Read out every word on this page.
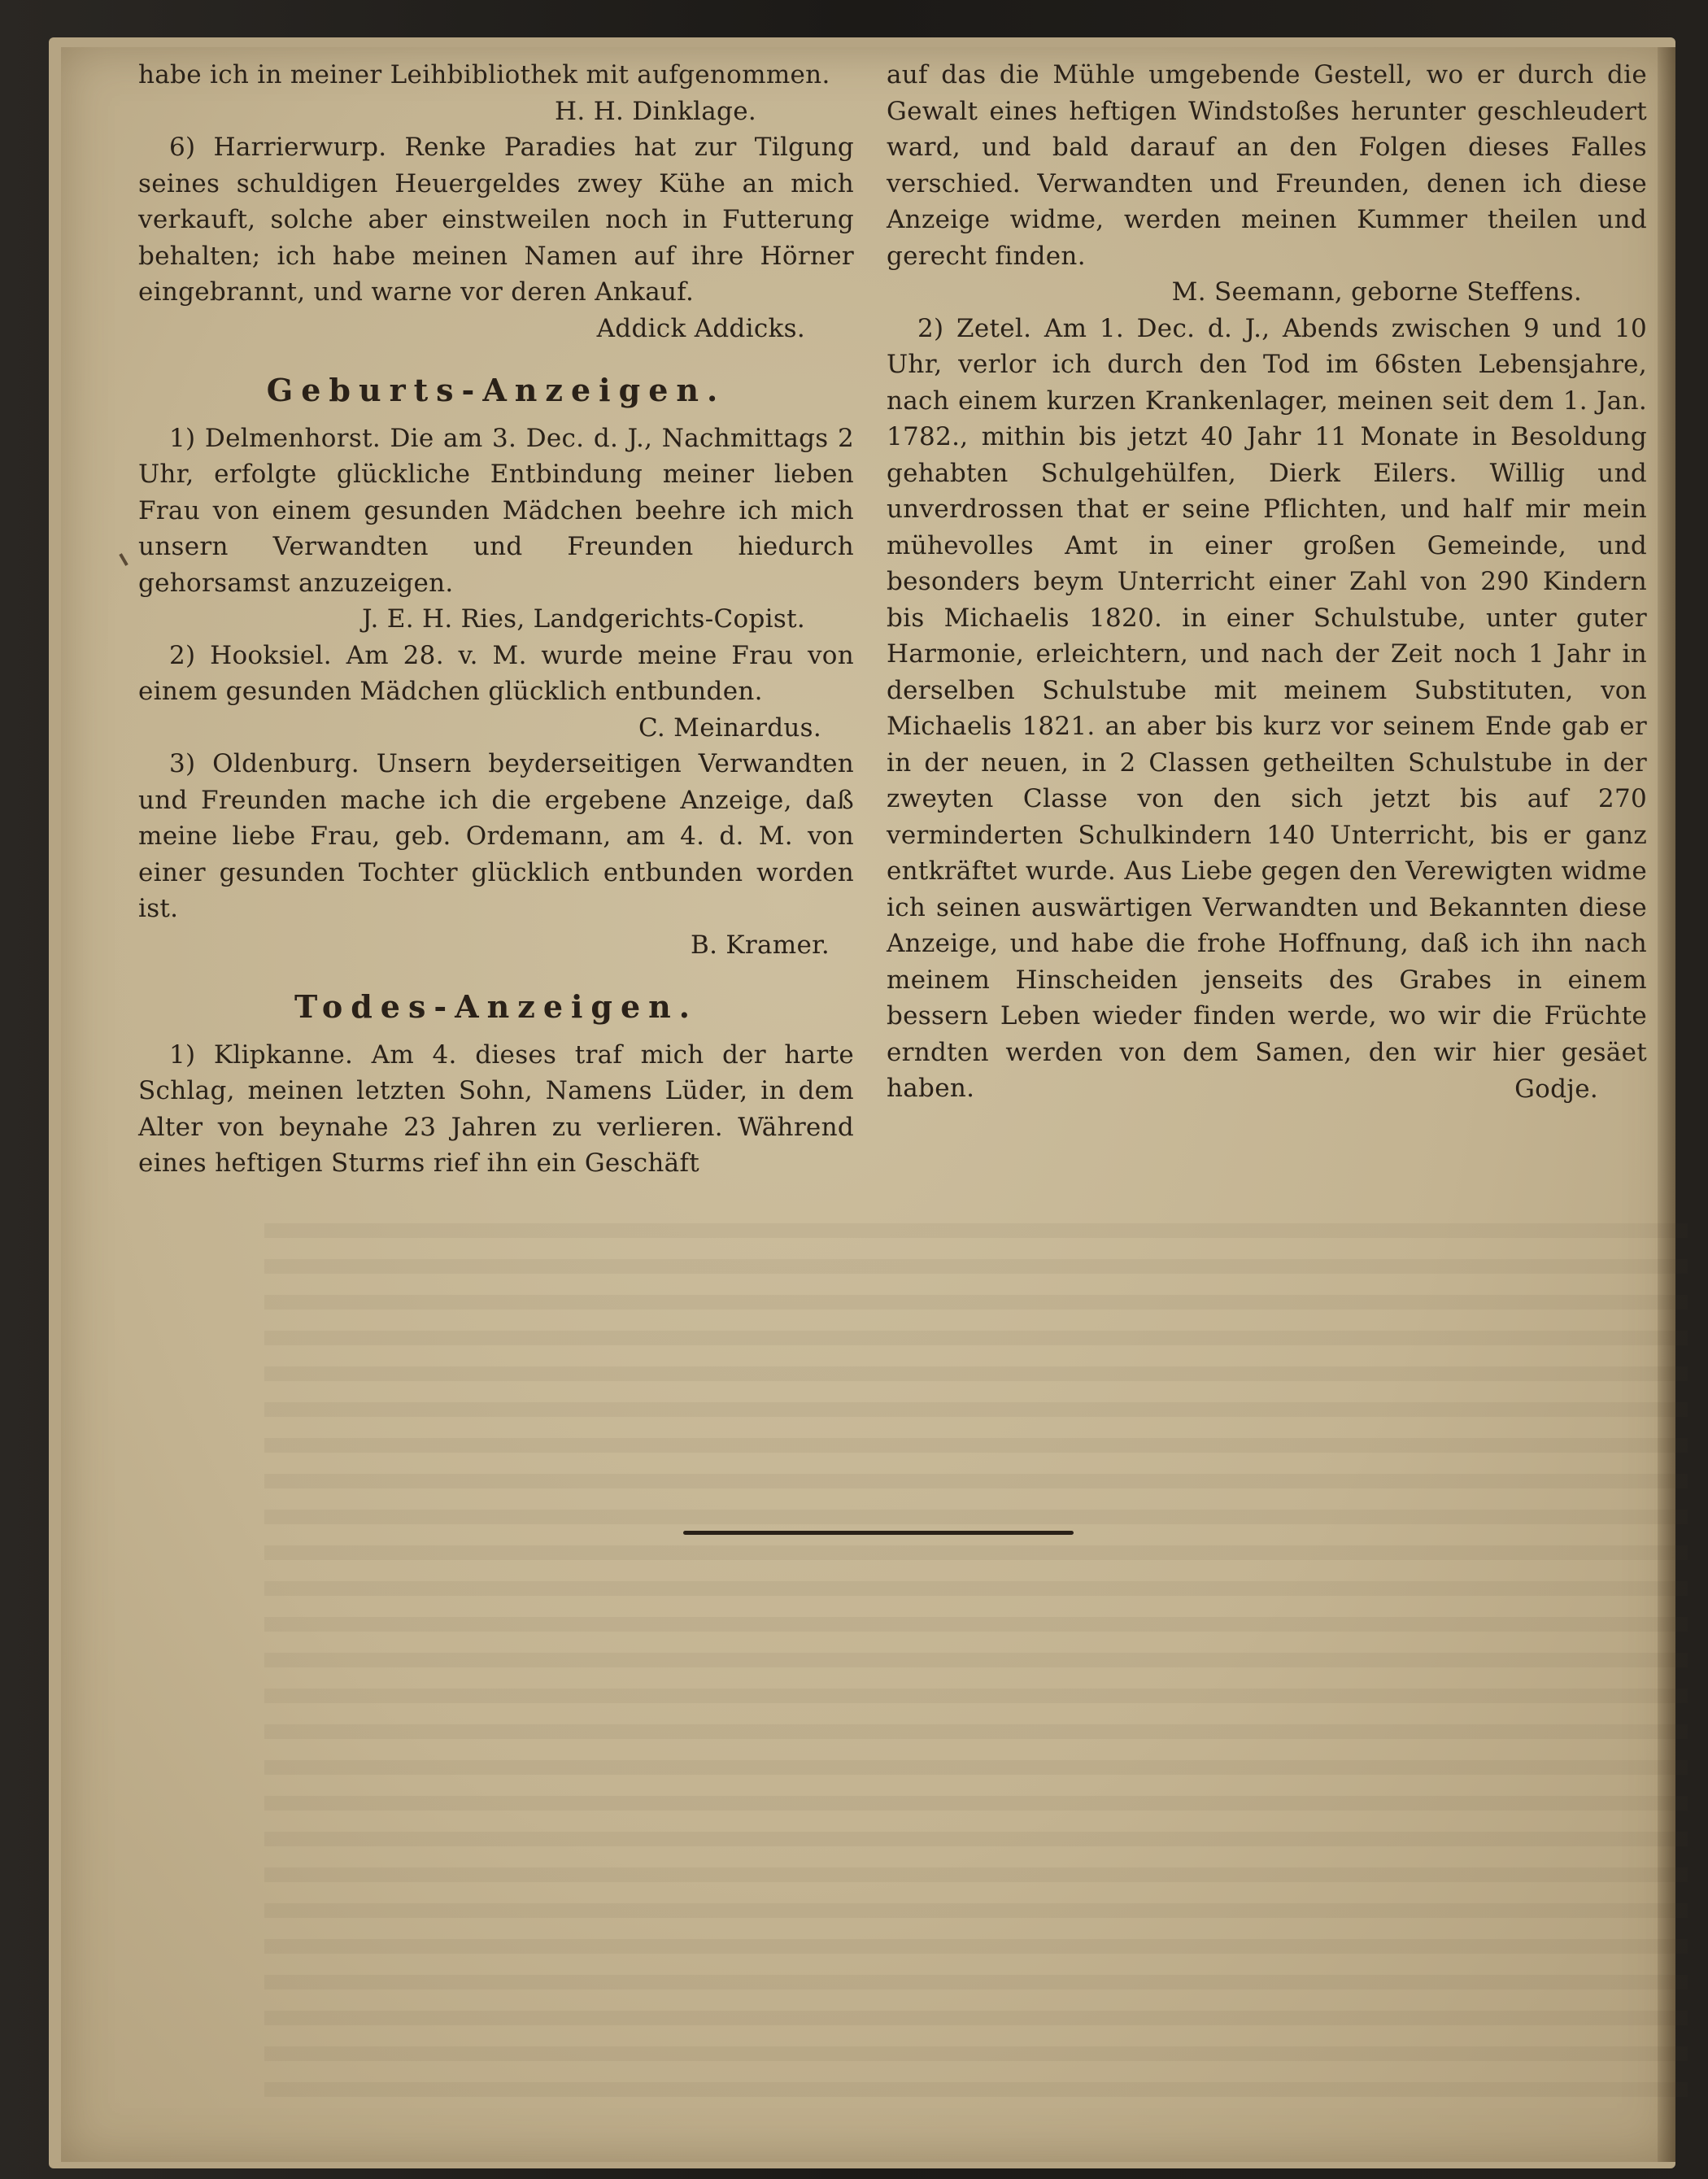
habe ich in meiner Leihbibliothek mit aufgenommen.

H. H. Dinklage.

6) Harrierwurp. Renke Paradies hat zur Tilgung seines schuldigen Heuergeldes zwey Kühe an mich verkauft, solche aber einstweilen noch in Futterung behalten; ich habe meinen Namen auf ihre Hörner eingebrannt, und warne vor deren Ankauf.

Addick Addicks.

Geburts-Anzeigen.

1) Delmenhorst. Die am 3. Dec. d. J., Nachmittags 2 Uhr, erfolgte glückliche Entbindung meiner lieben Frau von einem gesunden Mädchen beehre ich mich unsern Verwandten und Freunden hiedurch gehorsamst anzuzeigen.

J. E. H. Ries, Landgerichts-Copist.

2) Hooksiel. Am 28. v. M. wurde meine Frau von einem gesunden Mädchen glücklich entbunden.

C. Meinardus.

3) Oldenburg. Unsern beyderseitigen Verwandten und Freunden mache ich die ergebene Anzeige, daß meine liebe Frau, geb. Ordemann, am 4. d. M. von einer gesunden Tochter glücklich entbunden worden ist.

B. Kramer.

Todes-Anzeigen.

1) Klipkanne. Am 4. dieses traf mich der harte Schlag, meinen letzten Sohn, Namens Lüder, in dem Alter von beynahe 23 Jahren zu verlieren. Während eines heftigen Sturms rief ihn ein Geschäft

auf das die Mühle umgebende Gestell, wo er durch die Gewalt eines heftigen Windstoßes herunter geschleudert ward, und bald darauf an den Folgen dieses Falles verschied. Verwandten und Freunden, denen ich diese Anzeige widme, werden meinen Kummer theilen und gerecht finden.

M. Seemann, geborne Steffens.

2) Zetel. Am 1. Dec. d. J., Abends zwischen 9 und 10 Uhr, verlor ich durch den Tod im 66sten Lebensjahre, nach einem kurzen Krankenlager, meinen seit dem 1. Jan. 1782., mithin bis jetzt 40 Jahr 11 Monate in Besoldung gehabten Schulgehülfen, Dierk Eilers. Willig und unverdrossen that er seine Pflichten, und half mir mein mühevolles Amt in einer großen Gemeinde, und besonders beym Unterricht einer Zahl von 290 Kindern bis Michaelis 1820. in einer Schulstube, unter guter Harmonie, erleichtern, und nach der Zeit noch 1 Jahr in derselben Schulstube mit meinem Substituten, von Michaelis 1821. an aber bis kurz vor seinem Ende gab er in der neuen, in 2 Classen getheilten Schulstube in der zweyten Classe von den sich jetzt bis auf 270 verminderten Schulkindern 140 Unterricht, bis er ganz entkräftet wurde. Aus Liebe gegen den Verewigten widme ich seinen auswärtigen Verwandten und Bekannten diese Anzeige, und habe die frohe Hoffnung, daß ich ihn nach meinem Hinscheiden jenseits des Grabes in einem bessern Leben wieder finden werde, wo wir die Früchte erndten werden von dem Samen, den wir hier gesäet haben.	Godje.
